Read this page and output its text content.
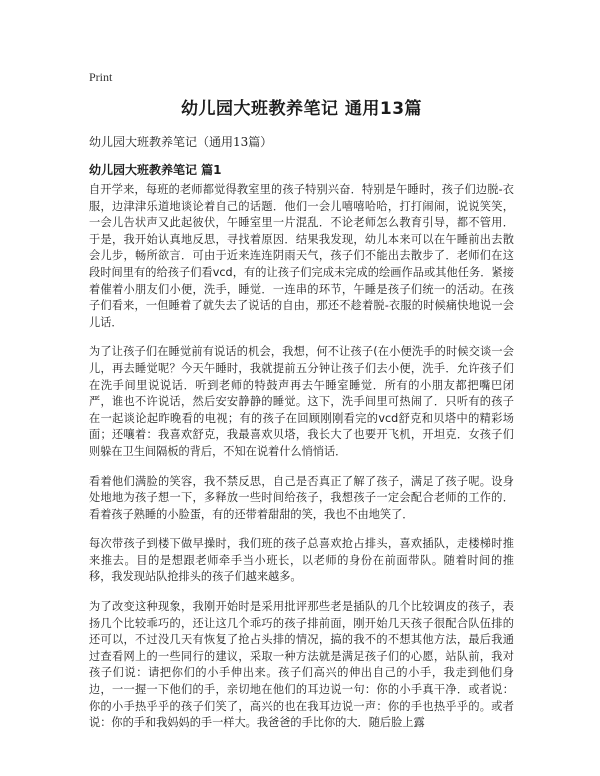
Print
幼儿园大班教养笔记 通用13篇
幼儿园大班教养笔记（通用13篇）
幼儿园大班教养笔记 篇1

自开学来，每班的老师都觉得教室里的孩子特别兴奋．特别是午睡时，孩子们边脱-衣服，边津津乐道地谈论着自己的话题．他们一会儿嘻嘻哈哈，打打闹闹，说说笑笑，一会儿告状声又此起彼伏，午睡室里一片混乱．不论老师怎么教育引导，都不管用．于是，我开始认真地反思，寻找着原因．结果我发现，幼儿本来可以在午睡前出去散会儿步，畅所欲言．可由于近来连连阴雨天气，孩子们不能出去散步了．老师们在这段时间里有的给孩子们看vcd，有的让孩子们完成未完成的绘画作品或其他任务．紧接着催着小朋友们小便，洗手，睡觉．一连串的环节，午睡是孩子们统一的活动。在孩子们看来，一但睡着了就失去了说话的自由，那还不趁着脱-衣服的时候痛快地说一会儿话．

为了让孩子们在睡觉前有说话的机会，我想，何不让孩子(在小便洗手的时候交谈一会儿，再去睡觉呢？今天午睡时，我就提前五分钟让孩子们去小便，洗手．允许孩子们在洗手间里说说话．听到老师的特鼓声再去午睡室睡觉．所有的小朋友都把嘴巴闭严，谁也不许说话，然后安安静静的睡觉。这下，洗手间里可热闹了．只听有的孩子在一起谈论起昨晚看的电视；有的孩子在回顾刚刚看完的vcd舒克和贝塔中的精彩场面；还嚷着：我喜欢舒克，我最喜欢贝塔，我长大了也要开飞机，开坦克．女孩子们则躲在卫生间隔板的背后，不知在说着什么悄悄话．

看着他们满脸的笑容，我不禁反思，自己是否真正了解了孩子，满足了孩子呢。设身处地地为孩子想一下，多释放一些时间给孩子，我想孩子一定会配合老师的工作的．看着孩子熟睡的小脸蛋，有的还带着甜甜的笑，我也不由地笑了．

每次带孩子到楼下做早操时，我们班的孩子总喜欢抢占排头，喜欢插队，走楼梯时推来推去。目的是想跟老师牵手当小班长，以老师的身份在前面带队。随着时间的推移，我发现站队抢排头的孩子们越来越多。

为了改变这种现象，我刚开始时是采用批评那些老是插队的几个比较调皮的孩子，表扬几个比较乖巧的，还让这几个乖巧的孩子排前面，刚开始几天孩子很配合队伍排的还可以，不过没几天有恢复了抢占头排的情况，搞的我不的不想其他方法，最后我通过查看网上的一些同行的建议，采取一种方法就是满足孩子们的心愿，站队前，我对孩子们说：请把你们的小手伸出来。孩子们高兴的伸出自己的小手，我走到他们身边，一一握一下他们的手，亲切地在他们的耳边说一句：你的小手真干净．或者说：你的小手热乎乎的孩子们笑了，高兴的也在我耳边说一声：你的手也热乎乎的。或者说：你的手和我妈妈的手一样大。我爸爸的手比你的大．随后脸上露
